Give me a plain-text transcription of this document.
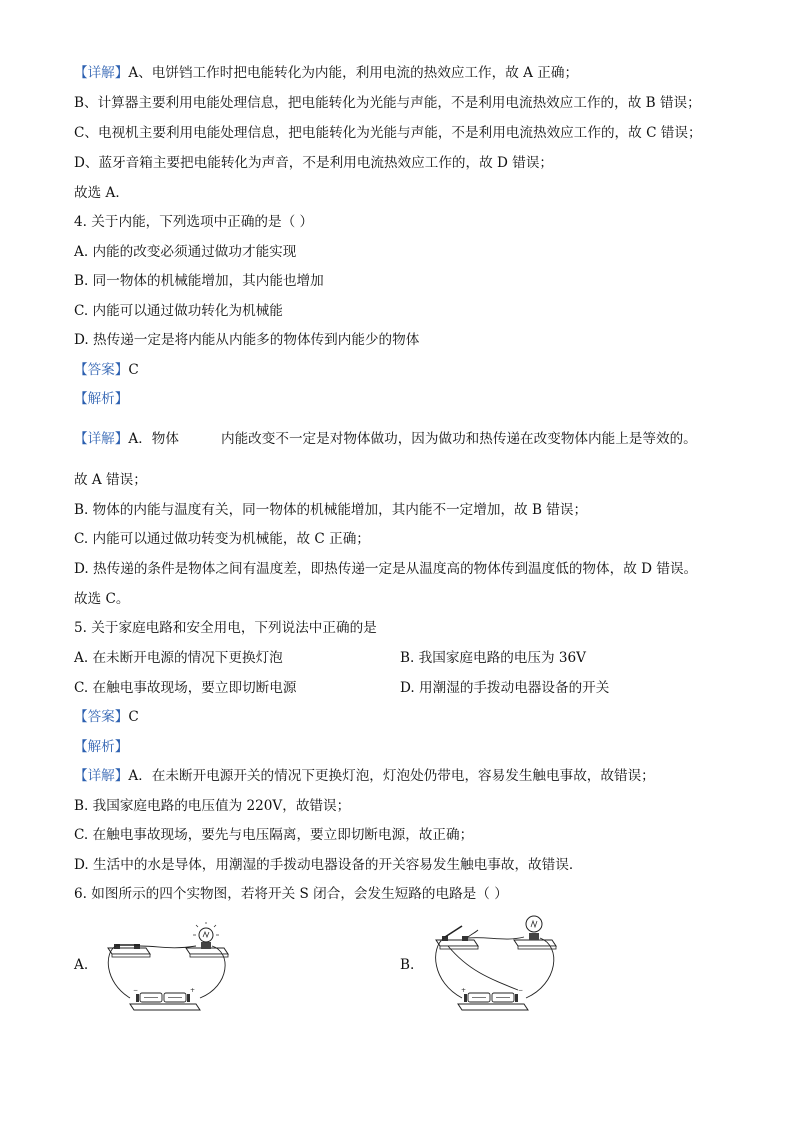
【详解】A、电饼铛工作时把电能转化为内能，利用电流的热效应工作，故 A 正确；
B、计算器主要利用电能处理信息，把电能转化为光能与声能，不是利用电流热效应工作的，故 B 错误；
C、电视机主要利用电能处理信息，把电能转化为光能与声能，不是利用电流热效应工作的，故 C 错误；
D、蓝牙音箱主要把电能转化为声音，不是利用电流热效应工作的，故 D 错误；
故选 A．
4. 关于内能，下列选项中正确的是（ ）
A. 内能的改变必须通过做功才能实现
B. 同一物体的机械能增加，其内能也增加
C. 内能可以通过做功转化为机械能
D. 热传递一定是将内能从内能多的物体传到内能少的物体
【答案】C
【解析】
【详解】A．物体	内能改变不一定是对物体做功，因为做功和热传递在改变物体内能上是等效的。
故 A 错误；
B. 物体的内能与温度有关，同一物体的机械能增加，其内能不一定增加，故 B 错误；
C. 内能可以通过做功转变为机械能，故 C 正确；
D. 热传递的条件是物体之间有温度差，即热传递一定是从温度高的物体传到温度低的物体，故 D 错误。
故选 C。
5. 关于家庭电路和安全用电，下列说法中正确的是
A. 在未断开电源的情况下更换灯泡	B. 我国家庭电路的电压为 36V
C. 在触电事故现场，要立即切断电源	D. 用潮湿的手拨动电器设备的开关
【答案】C
【解析】
【详解】A．在未断开电源开关的情况下更换灯泡，灯泡处仍带电，容易发生触电事故，故错误；
B. 我国家庭电路的电压值为 220V，故错误；
C. 在触电事故现场，要先与电压隔离，要立即切断电源，故正确；
D. 生活中的水是导体，用潮湿的手拨动电器设备的开关容易发生触电事故，故错误．
6. 如图所示的四个实物图，若将开关 S 闭合，会发生短路的电路是（ ）
A.	B.
−	+	+	−
